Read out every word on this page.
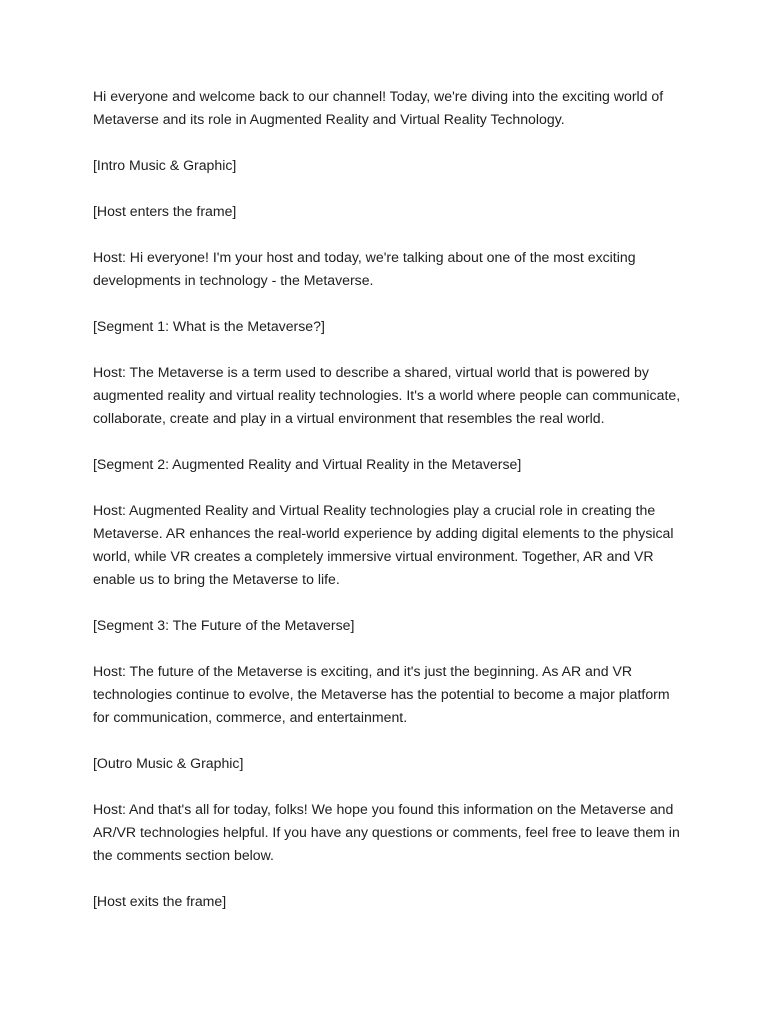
Hi everyone and welcome back to our channel! Today, we're diving into the exciting world of Metaverse and its role in Augmented Reality and Virtual Reality Technology.

[Intro Music & Graphic]

[Host enters the frame]

Host: Hi everyone! I'm your host and today, we're talking about one of the most exciting developments in technology - the Metaverse.

[Segment 1: What is the Metaverse?]

Host: The Metaverse is a term used to describe a shared, virtual world that is powered by augmented reality and virtual reality technologies. It's a world where people can communicate, collaborate, create and play in a virtual environment that resembles the real world.

[Segment 2: Augmented Reality and Virtual Reality in the Metaverse]

Host: Augmented Reality and Virtual Reality technologies play a crucial role in creating the Metaverse. AR enhances the real-world experience by adding digital elements to the physical world, while VR creates a completely immersive virtual environment. Together, AR and VR enable us to bring the Metaverse to life.

[Segment 3: The Future of the Metaverse]

Host: The future of the Metaverse is exciting, and it's just the beginning. As AR and VR technologies continue to evolve, the Metaverse has the potential to become a major platform for communication, commerce, and entertainment.

[Outro Music & Graphic]

Host: And that's all for today, folks! We hope you found this information on the Metaverse and AR/VR technologies helpful. If you have any questions or comments, feel free to leave them in the comments section below.

[Host exits the frame]
